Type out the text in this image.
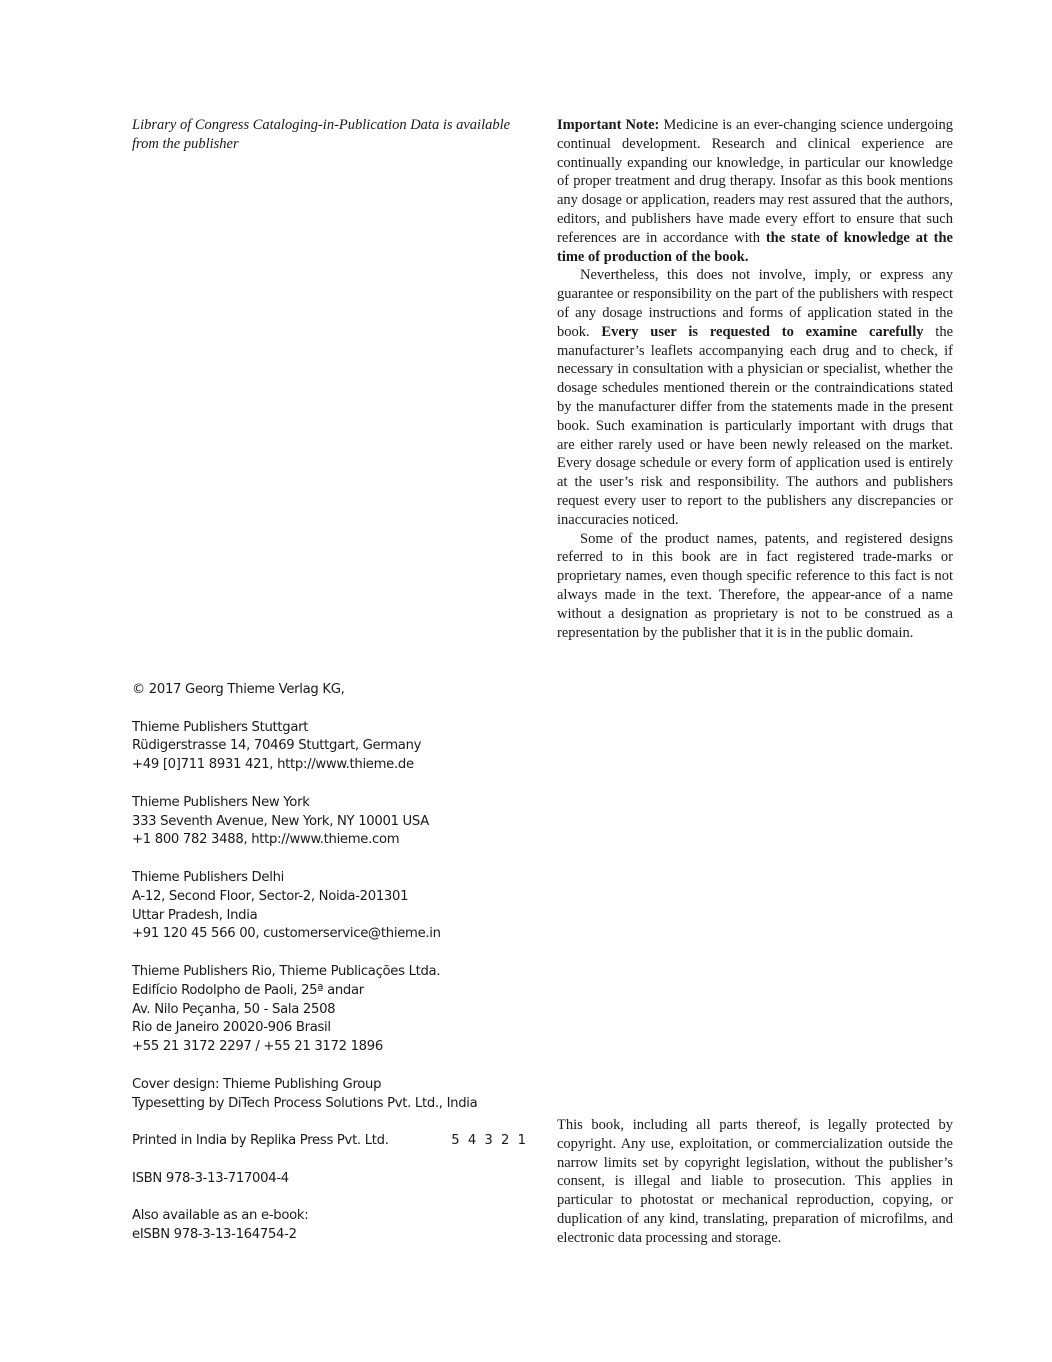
Library of Congress Cataloging-in-Publication Data is available

from the publisher

Important Note: Medicine is an ever-changing science undergoing continual development. Research and clinical experience are continually expanding our knowledge, in particular our knowledge of proper treatment and drug therapy. Insofar as this book mentions any dosage or application, readers may rest assured that the authors, editors, and publishers have made every effort to ensure that such references are in accordance with the state of knowledge at the time of production of the book.

Nevertheless, this does not involve, imply, or express any guarantee or responsibility on the part of the publishers with respect of any dosage instructions and forms of application stated in the book. Every user is requested to examine carefully the manufacturer’s leaflets accompanying each drug and to check, if necessary in consultation with a physician or specialist, whether the dosage schedules mentioned therein or the contraindications stated by the manufacturer differ from the statements made in the present book. Such examination is particularly important with drugs that are either rarely used or have been newly released on the market. Every dosage schedule or every form of application used is entirely at the user’s risk and responsibility. The authors and publishers request every user to report to the publishers any discrepancies or inaccuracies noticed.

Some of the product names, patents, and registered designs referred to in this book are in fact registered trade-marks or proprietary names, even though specific reference to this fact is not always made in the text. Therefore, the appear-ance of a name without a designation as proprietary is not to be construed as a representation by the publisher that it is in the public domain.

© 2017 Georg Thieme Verlag KG,
Thieme Publishers Stuttgart
Rüdigerstrasse 14, 70469 Stuttgart, Germany
+49 [0]711 8931 421, http://www.thieme.de
Thieme Publishers New York
333 Seventh Avenue, New York, NY 10001 USA
+1 800 782 3488, http://www.thieme.com
Thieme Publishers Delhi
A-12, Second Floor, Sector-2, Noida-201301
Uttar Pradesh, India
+91 120 45 566 00, customerservice@thieme.in
Thieme Publishers Rio, Thieme Publicações Ltda.
Edifício Rodolpho de Paoli, 25ª andar
Av. Nilo Peçanha, 50 - Sala 2508
Rio de Janeiro 20020-906 Brasil
+55 21 3172 2297 / +55 21 3172 1896
Cover design: Thieme Publishing Group
Typesetting by DiTech Process Solutions Pvt. Ltd., India
Printed in India by Replika Press Pvt. Ltd.	5 4 3 2 1
ISBN 978-3-13-717004-4
Also available as an e-book:
eISBN 978-3-13-164754-2

This book, including all parts thereof, is legally protected by copyright. Any use, exploitation, or commercialization outside the narrow limits set by copyright legislation, without the publisher’s consent, is illegal and liable to prosecution. This applies in particular to photostat or mechanical reproduction, copying, or duplication of any kind, translating, preparation of microfilms, and electronic data processing and storage.
